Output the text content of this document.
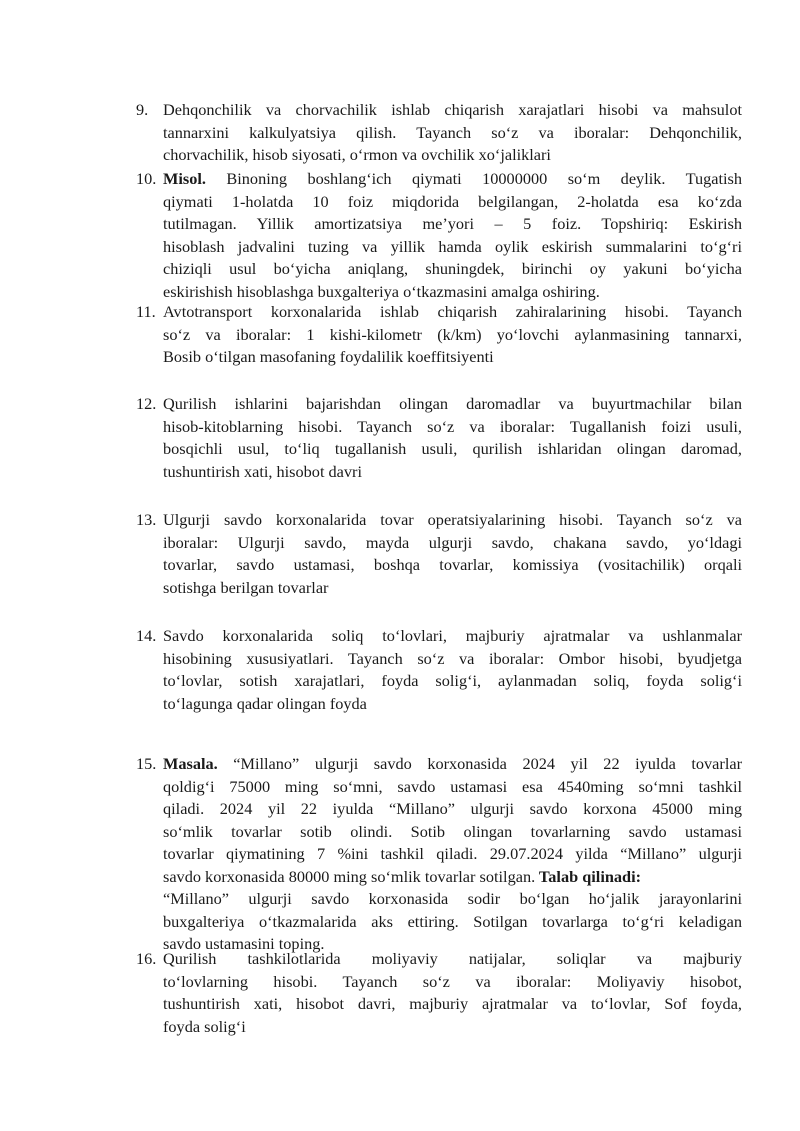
9. Dehqonchilik va chorvachilik ishlab chiqarish xarajatlari hisobi va mahsulot
tannarxini kalkulyatsiya qilish. Tayanch so‘z va iboralar: Dehqonchilik,
chorvachilik, hisob siyosati, o‘rmon va ovchilik xo‘jaliklari
10. Misol. Binoning boshlang‘ich qiymati 10000000 so‘m deylik. Tugatish
qiymati 1-holatda 10 foiz miqdorida belgilangan, 2-holatda esa ko‘zda
tutilmagan. Yillik amortizatsiya me’yori – 5 foiz. Topshiriq: Eskirish
hisoblash jadvalini tuzing va yillik hamda oylik eskirish summalarini to‘g‘ri
chiziqli usul bo‘yicha aniqlang, shuningdek, birinchi oy yakuni bo‘yicha
eskirishish hisoblashga buxgalteriya o‘tkazmasini amalga oshiring.
11. Avtotransport korxonalarida ishlab chiqarish zahiralarining hisobi. Tayanch
so‘z va iboralar: 1 kishi-kilometr (k/km) yo‘lovchi aylanmasining tannarxi,
Bosib o‘tilgan masofaning foydalilik koeffitsiyenti
12. Qurilish ishlarini bajarishdan olingan daromadlar va buyurtmachilar bilan
hisob-kitoblarning hisobi. Tayanch so‘z va iboralar: Tugallanish foizi usuli,
bosqichli usul, to‘liq tugallanish usuli, qurilish ishlaridan olingan daromad,
tushuntirish xati, hisobot davri
13. Ulgurji savdo korxonalarida tovar operatsiyalarining hisobi. Tayanch so‘z va
iboralar: Ulgurji savdo, mayda ulgurji savdo, chakana savdo, yo‘ldagi
tovarlar, savdo ustamasi, boshqa tovarlar, komissiya (vositachilik) orqali
sotishga berilgan tovarlar
14. Savdo korxonalarida soliq to‘lovlari, majburiy ajratmalar va ushlanmalar
hisobining xususiyatlari. Tayanch so‘z va iboralar: Ombor hisobi, byudjetga
to‘lovlar, sotish xarajatlari, foyda solig‘i, aylanmadan soliq, foyda solig‘i
to‘lagunga qadar olingan foyda
15. Masala. “Millano” ulgurji savdo korxonasida 2024 yil 22 iyulda tovarlar
qoldig‘i 75000 ming so‘mni, savdo ustamasi esa 4540ming so‘mni tashkil
qiladi. 2024 yil 22 iyulda “Millano” ulgurji savdo korxona 45000 ming
so‘mlik tovarlar sotib olindi. Sotib olingan tovarlarning savdo ustamasi
tovarlar qiymatining 7 %ini tashkil qiladi. 29.07.2024 yilda “Millano” ulgurji
savdo korxonasida 80000 ming so‘mlik tovarlar sotilgan. Talab qilinadi:
“Millano” ulgurji savdo korxonasida sodir bo‘lgan ho‘jalik jarayonlarini
buxgalteriya o‘tkazmalarida aks ettiring. Sotilgan tovarlarga to‘g‘ri keladigan
savdo ustamasini toping.
16. Qurilish tashkilotlarida moliyaviy natijalar, soliqlar va majburiy
to‘lovlarning hisobi. Tayanch so‘z va iboralar: Moliyaviy hisobot,
tushuntirish xati, hisobot davri, majburiy ajratmalar va to‘lovlar, Sof foyda,
foyda solig‘i
